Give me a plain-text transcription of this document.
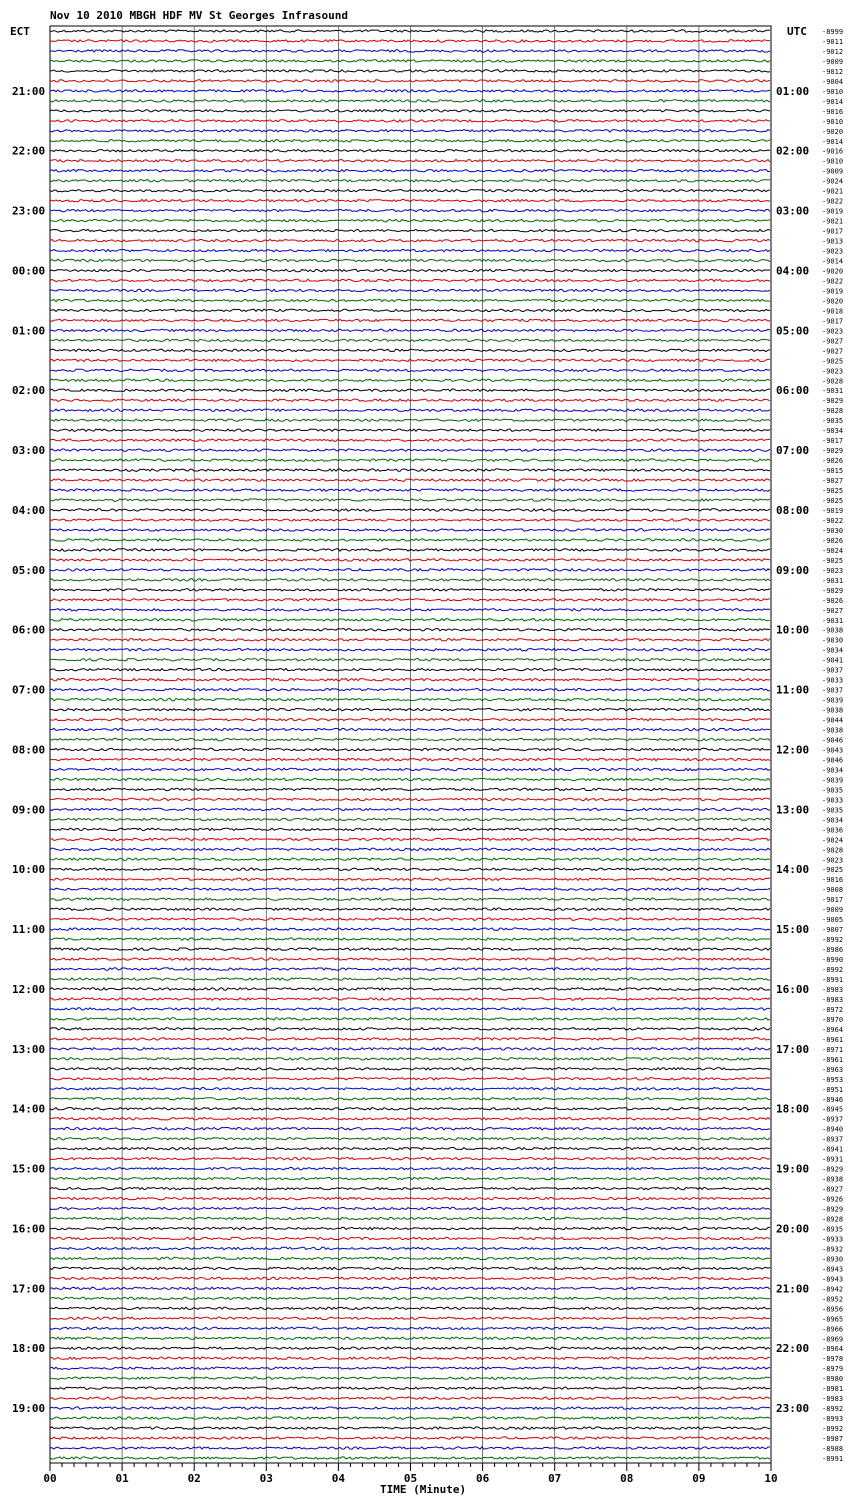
Nov 10 2010 MBGH HDF MV St Georges Infrasound
ECT	UTC -8999
-9011
-9012
-9009
-9012
-9004
-9010
-9014
-9016
-9010
-9020
-9014
-9016
-9010
-9009
-9024
-9021
-9022
-9019
-9021
-9017
-9013
-9023
-9014
-9020
-9022
-9019
-9020
-9018
-9017
-9023
-9027
-9027
-9025
-9023
-9028
-9031
-9029
-9028
-9035
-9034
-9017
-9029
-9026
-9015
-9027
-9025
-9025
-9019
-9022
-9030
-9026
-9024
-9025
-9023
-9031
-9029
-9026
-9027
-9031
-9038
-9030
-9034
-9041
-9037
-9033
-9037
-9039
-9038
-9044
-9038
-9046
-9043
-9046
-9034
-9039
-9035
-9033
-9035
-9034
-9036
-9024
-9028
-9023
-9025
-9016
-9008
-9017
-9009
-9005
-9007
-8992
-8986
-8990
-8992
-8991
-8983
-8983
-8972
-8970
-8964
-8961
-8971
-8961
-8963
-8953
-8951
-8946
-8945
-8937
-8940
-8937
-8941
-8931
-8929
-8938
-8927
-8926
-8929
-8928
-8935
-8933
-8932
-8930
-8943
-8943
-8942
-8952
-8956
-8965
-8966
-8969
-8964
-8978
-8979
-8980
-8981
-8983
-8992
-8993
-8992
-8987
-8988
-8991
21:00	01:00
22:00	02:00
23:00	03:00
00:00	04:00
01:00	05:00
02:00	06:00
03:00	07:00
04:00	08:00
05:00	09:00
06:00	10:00
07:00	11:00
08:00	12:00
09:00	13:00
10:00	14:00
11:00	15:00
12:00	16:00
13:00	17:00
14:00	18:00
15:00	19:00
16:00	20:00
17:00	21:00
18:00	22:00
19:00	23:00
00	01	02	03	04	05	06	07	08	09	10
TIME (Minute)
